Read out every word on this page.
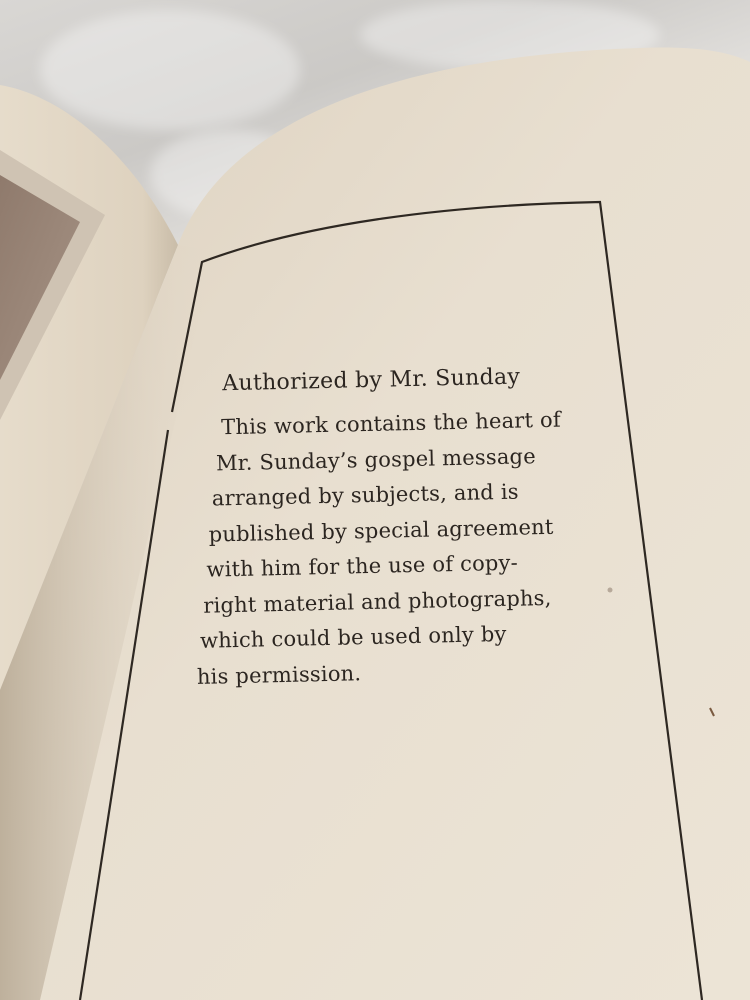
Authorized by Mr. Sunday
This work contains the heart of
Mr. Sunday’s gospel message
arranged by subjects, and is
published by special agreement
with him for the use of copy-
right material and photographs,
which could be used only by
his permission.
